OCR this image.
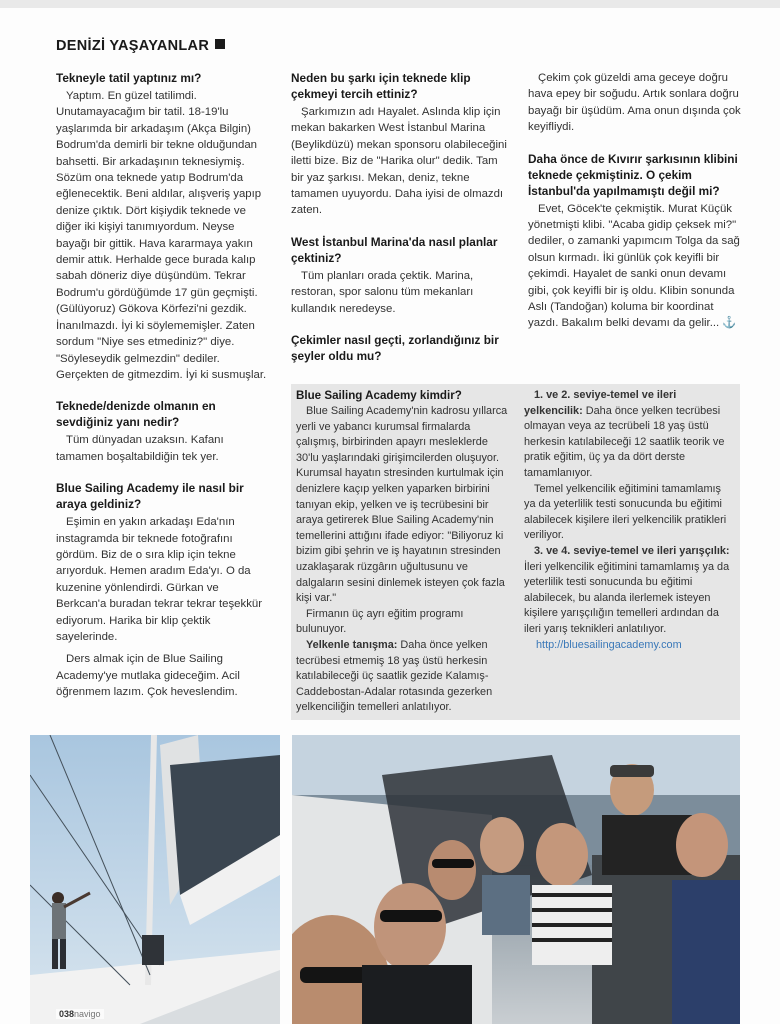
DENİZİ YAŞAYANLAR
Tekneyle tatil yaptınız mı?

Yaptım. En güzel tatilimdi. Unutamayacağım bir tatil. 18-19'lu yaşlarımda bir arkadaşım (Akça Bilgin) Bodrum'da demirli bir tekne olduğundan bahsetti. Bir arkadaşının teknesiymiş. Sözüm ona teknede yatıp Bodrum'da eğlenecektik. Beni aldılar, alışveriş yapıp denize çıktık. Dört kişiydik teknede ve diğer iki kişiyi tanımıyordum. Neyse bayağı bir gittik. Hava kararmaya yakın demir attık. Herhalde gece burada kalıp sabah döneriz diye düşündüm. Tekrar Bodrum'u gördüğümde 17 gün geçmişti. (Gülüyoruz) Gökova Körfezi'ni gezdik. İnanılmazdı. İyi ki söylememişler. Zaten sordum "Niye ses etmediniz?" diye. "Söyleseydik gelmezdin" dediler. Gerçekten de gitmezdim. İyi ki susmuşlar.

Teknede/denizde olmanın en sevdiğiniz yanı nedir?

Tüm dünyadan uzaksın. Kafanı tamamen boşaltabildiğin tek yer.

Blue Sailing Academy ile nasıl bir araya geldiniz?

Eşimin en yakın arkadaşı Eda'nın instagramda bir teknede fotoğrafını gördüm. Biz de o sıra klip için tekne arıyorduk. Hemen aradım Eda'yı. O da kuzenine yönlendirdi. Gürkan ve Berkcan'a buradan tekrar tekrar teşekkür ediyorum. Harika bir klip çektik sayelerinde.

Ders almak için de Blue Sailing Academy'ye mutlaka gideceğim. Acil öğrenmem lazım. Çok heveslendim.

Neden bu şarkı için teknede klip çekmeyi tercih ettiniz?

Şarkımızın adı Hayalet. Aslında klip için mekan bakarken West İstanbul Marina (Beylikdüzü) mekan sponsoru olabileceğini iletti bize. Biz de "Harika olur" dedik. Tam bir yaz şarkısı. Mekan, deniz, tekne tamamen uyuyordu. Daha iyisi de olmazdı zaten.

West İstanbul Marina'da nasıl planlar çektiniz?

Tüm planları orada çektik. Marina, restoran, spor salonu tüm mekanları kullandık neredeyse.

Çekimler nasıl geçti, zorlandığınız bir şeyler oldu mu?

Çekim çok güzeldi ama geceye doğru hava epey bir soğudu. Artık sonlara doğru bayağı bir üşüdüm. Ama onun dışında çok keyifliydi.

Daha önce de Kıvırır şarkısının klibini teknede çekmiştiniz. O çekim İstanbul'da yapılmamıştı değil mi?

Evet, Göcek'te çekmiştik. Murat Küçük yönetmişti klibi. "Acaba gidip çeksek mi?" dediler, o zamanki yapımcım Tolga da sağ olsun kırmadı. İki günlük çok keyifli bir çekimdi. Hayalet de sanki onun devamı gibi, çok keyifli bir iş oldu. Klibin sonunda Aslı (Tandoğan) koluma bir koordinat yazdı. Bakalım belki devamı da gelir... ⚓

Blue Sailing Academy kimdir?

Blue Sailing Academy'nin kadrosu yıllarca yerli ve yabancı kurumsal firmalarda çalışmış, birbirinden apayrı mesleklerde 30'lu yaşlarındaki girişimcilerden oluşuyor. Kurumsal hayatın stresinden kurtulmak için denizlere kaçıp yelken yaparken birbirini tanıyan ekip, yelken ve iş tecrübesini bir araya getirerek Blue Sailing Academy'nin temellerini attığını ifade ediyor: "Biliyoruz ki bizim gibi şehrin ve iş hayatının stresinden uzaklaşarak rüzgârın uğultusunu ve dalgaların sesini dinlemek isteyen çok fazla kişi var."

Firmanın üç ayrı eğitim programı bulunuyor.

Yelkenle tanışma: Daha önce yelken tecrübesi etmemiş 18 yaş üstü herkesin katılabileceği üç saatlik gezide Kalamış-Caddebostan-Adalar rotasında gezerken yelkenciliğin temelleri anlatılıyor.

1. ve 2. seviye-temel ve ileri yelkencilik: Daha önce yelken tecrübesi olmayan veya az tecrübeli 18 yaş üstü herkesin katılabileceği 12 saatlik teorik ve pratik eğitim, üç ya da dört derste tamamlanıyor.

Temel yelkencilik eğitimini tamamlamış ya da yeterlilik testi sonucunda bu eğitimi alabilecek kişilere ileri yelkencilik pratikleri veriliyor.

3. ve 4. seviye-temel ve ileri yarışçılık: İleri yelkencilik eğitimini tamamlamış ya da yeterlilik testi sonucunda bu eğitimi alabilecek, bu alanda ilerlemek isteyen kişilere yarışçılığın temelleri ardından da ileri yarış teknikleri anlatılıyor.

http://bluesailingacademy.com

038navigo
